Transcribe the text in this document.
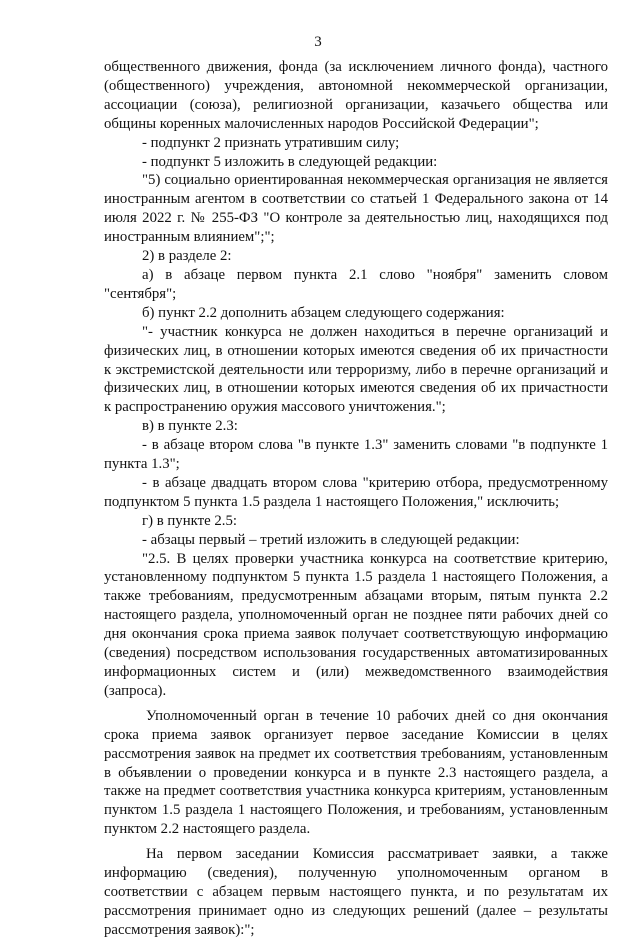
3

общественного движения, фонда (за исключением личного фонда), частного (общественного) учреждения, автономной некоммерческой организации, ассоциации (союза), религиозной организации, казачьего общества или общины коренных малочисленных народов Российской Федерации";

- подпункт 2 признать утратившим силу;

- подпункт 5 изложить в следующей редакции:

"5) социально ориентированная некоммерческая организация не является иностранным агентом в соответствии со статьей 1 Федерального закона от 14 июля 2022 г. № 255-ФЗ "О контроле за деятельностью лиц, находящихся под иностранным влиянием";";

2) в разделе 2:

а) в абзаце первом пункта 2.1 слово "ноября" заменить словом "сентября";

б) пункт 2.2 дополнить абзацем следующего содержания:

"- участник конкурса не должен находиться в перечне организаций и физических лиц, в отношении которых имеются сведения об их причастности к экстремистской деятельности или терроризму, либо в перечне организаций и физических лиц, в отношении которых имеются сведения об их причастности к распространению оружия массового уничтожения.";

в) в пункте 2.3:

- в абзаце втором слова "в пункте 1.3" заменить словами "в подпункте 1 пункта 1.3";

- в абзаце двадцать втором слова "критерию отбора, предусмотренному подпунктом 5 пункта 1.5 раздела 1 настоящего Положения," исключить;

г) в пункте 2.5:

- абзацы первый – третий изложить в следующей редакции:

"2.5. В целях проверки участника конкурса на соответствие критерию, установленному подпунктом 5 пункта 1.5 раздела 1 настоящего Положения, а также требованиям, предусмотренным абзацами вторым, пятым пункта 2.2 настоящего раздела, уполномоченный орган не позднее пяти рабочих дней со дня окончания срока приема заявок получает соответствующую информацию (сведения) посредством использования государственных автоматизированных информационных систем и (или) межведомственного взаимодействия (запроса).

Уполномоченный орган в течение 10 рабочих дней со дня окончания срока приема заявок организует первое заседание Комиссии в целях рассмотрения заявок на предмет их соответствия требованиям, установленным в объявлении о проведении конкурса и в пункте 2.3 настоящего раздела, а также на предмет соответствия участника конкурса критериям, установленным пунктом 1.5 раздела 1 настоящего Положения, и требованиям, установленным пунктом 2.2 настоящего раздела.

На первом заседании Комиссия рассматривает заявки, а также информацию (сведения), полученную уполномоченным органом в соответствии с абзацем первым настоящего пункта, и по результатам их рассмотрения принимает одно из следующих решений (далее – результаты рассмотрения заявок):";
